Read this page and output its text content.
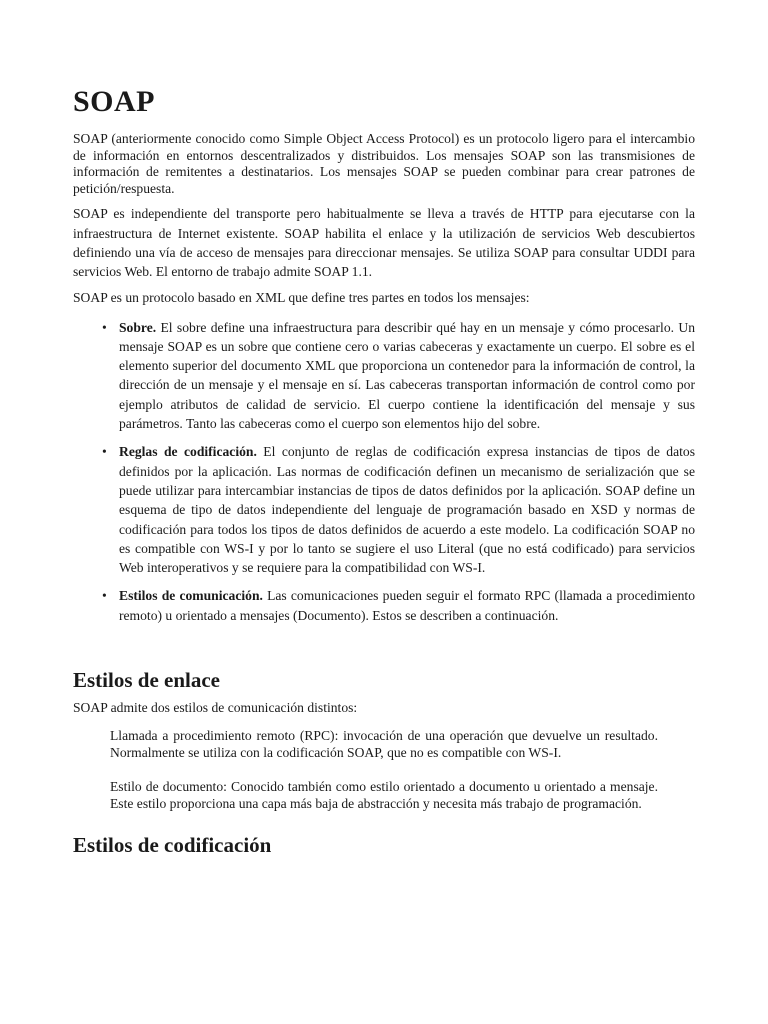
SOAP

SOAP (anteriormente conocido como Simple Object Access Protocol) es un protocolo ligero para el intercambio de información en entornos descentralizados y distribuidos. Los mensajes SOAP son las transmisiones de información de remitentes a destinatarios. Los mensajes SOAP se pueden combinar para crear patrones de petición/respuesta.

SOAP es independiente del transporte pero habitualmente se lleva a través de HTTP para ejecutarse con la infraestructura de Internet existente. SOAP habilita el enlace y la utilización de servicios Web descubiertos definiendo una vía de acceso de mensajes para direccionar mensajes. Se utiliza SOAP para consultar UDDI para servicios Web. El entorno de trabajo admite SOAP 1.1.

SOAP es un protocolo basado en XML que define tres partes en todos los mensajes:

• Sobre. El sobre define una infraestructura para describir qué hay en un mensaje y cómo procesarlo. Un mensaje SOAP es un sobre que contiene cero o varias cabeceras y exactamente un cuerpo. El sobre es el elemento superior del documento XML que proporciona un contenedor para la información de control, la dirección de un mensaje y el mensaje en sí. Las cabeceras transportan información de control como por ejemplo atributos de calidad de servicio. El cuerpo contiene la identificación del mensaje y sus parámetros. Tanto las cabeceras como el cuerpo son elementos hijo del sobre.
• Reglas de codificación. El conjunto de reglas de codificación expresa instancias de tipos de datos definidos por la aplicación. Las normas de codificación definen un mecanismo de serialización que se puede utilizar para intercambiar instancias de tipos de datos definidos por la aplicación. SOAP define un esquema de tipo de datos independiente del lenguaje de programación basado en XSD y normas de codificación para todos los tipos de datos definidos de acuerdo a este modelo. La codificación SOAP no es compatible con WS-I y por lo tanto se sugiere el uso Literal (que no está codificado) para servicios Web interoperativos y se requiere para la compatibilidad con WS-I.
• Estilos de comunicación. Las comunicaciones pueden seguir el formato RPC (llamada a procedimiento remoto) u orientado a mensajes (Documento). Estos se describen a continuación.
Estilos de enlace

SOAP admite dos estilos de comunicación distintos:

Llamada a procedimiento remoto (RPC): invocación de una operación que devuelve un resultado. Normalmente se utiliza con la codificación SOAP, que no es compatible con WS-I.

Estilo de documento: Conocido también como estilo orientado a documento u orientado a mensaje. Este estilo proporciona una capa más baja de abstracción y necesita más trabajo de programación.

Estilos de codificación
